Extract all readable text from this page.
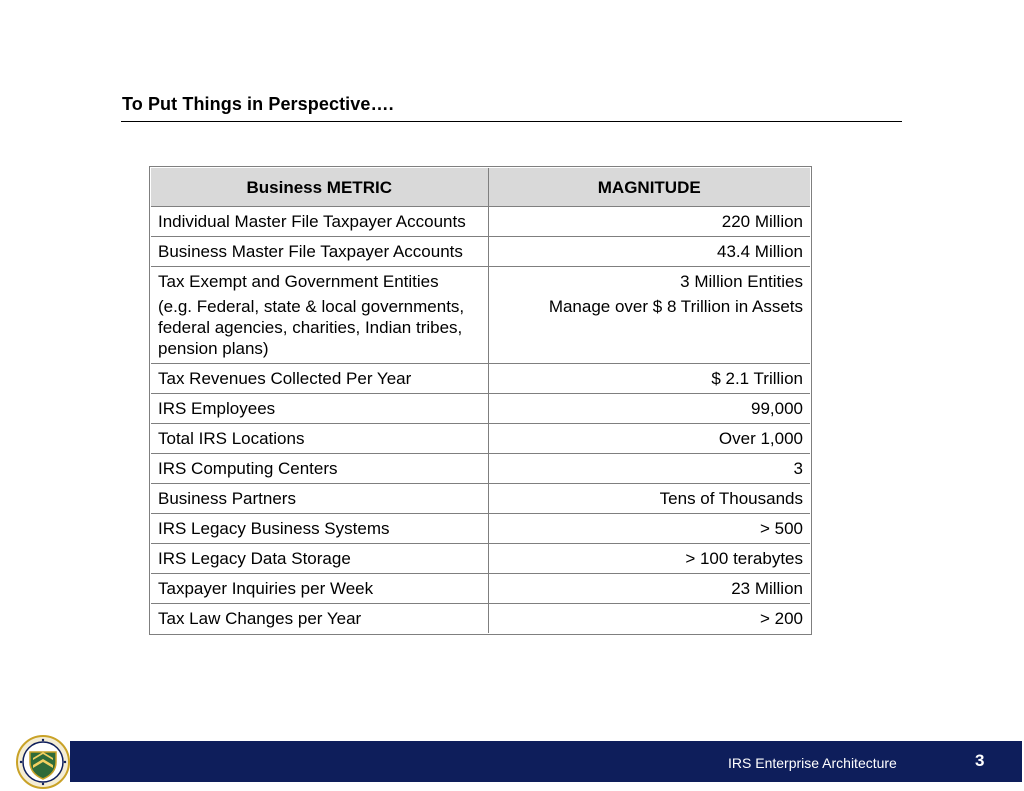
To Put Things in Perspective….
Business METRIC	MAGNITUDE
Individual Master File Taxpayer Accounts	220 Million
Business Master File Taxpayer Accounts	43.4 Million
Tax Exempt and Government Entities	3 Million Entities
(e.g. Federal, state & local governments, federal agencies, charities, Indian tribes, pension plans)	Manage over $ 8 Trillion in Assets
Tax Revenues Collected Per Year	$ 2.1 Trillion
IRS Employees	99,000
Total IRS Locations	Over 1,000
IRS Computing Centers	3
Business Partners	Tens of Thousands
IRS Legacy Business Systems	> 500
IRS Legacy Data Storage	> 100 terabytes
Taxpayer Inquiries per Week	23 Million
Tax Law Changes per Year	> 200
IRS Enterprise Architecture	3
